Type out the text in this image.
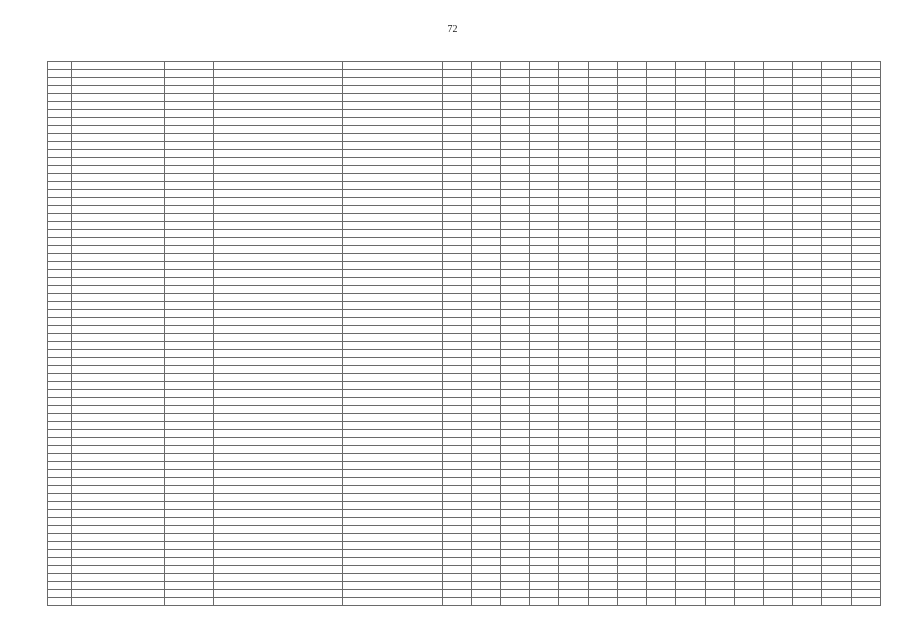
72
